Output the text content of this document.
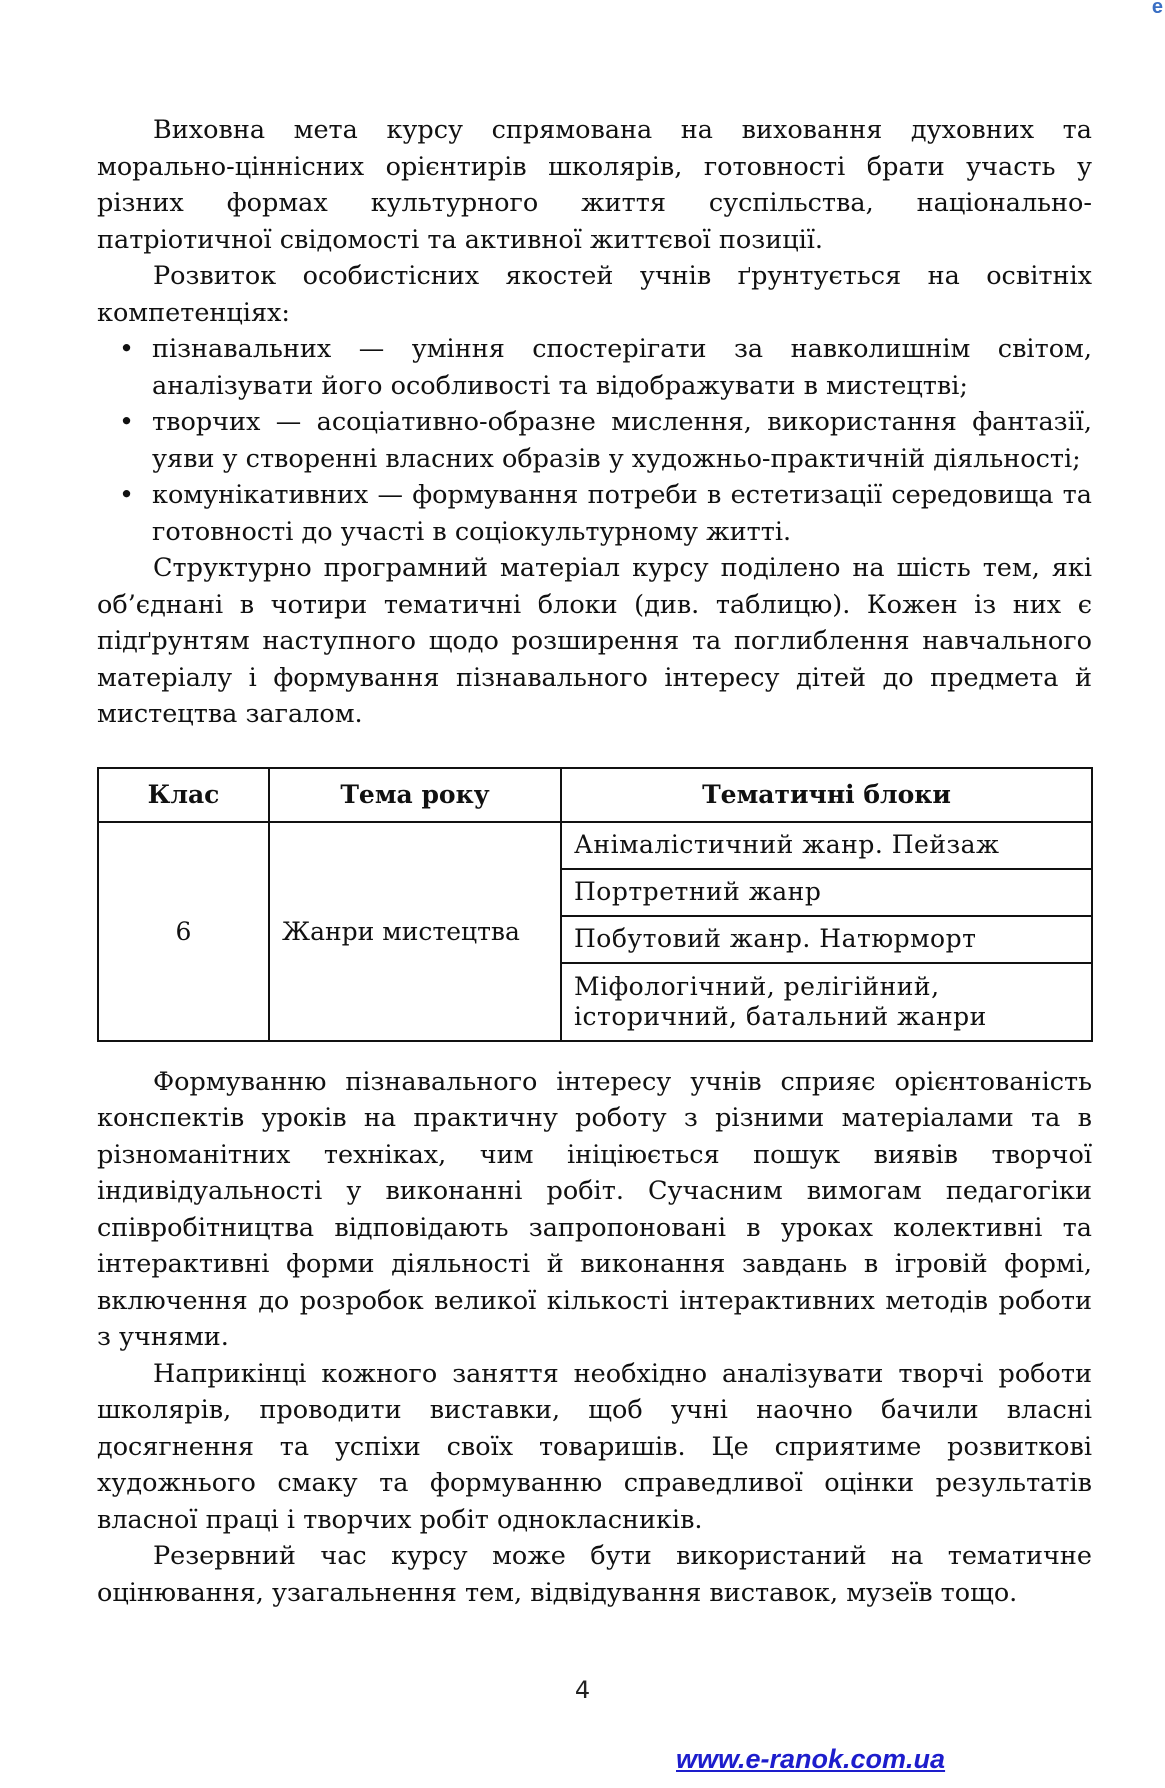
e

Виховна мета курсу спрямована на виховання духовних та морально-ціннісних орієнтирів школярів, готовності брати участь у різних формах культурного життя суспільства, національно-патріотичної свідомості та активної життєвої позиції.

Розвиток особистісних якостей учнів ґрунтується на освітніх компетенціях:

• пізнавальних — уміння спостерігати за навколишнім світом, аналізувати його особливості та відображувати в мистецтві;
• творчих — асоціативно-образне мислення, використання фантазії, уяви у створенні власних образів у художньо-практичній діяльності;
• комунікативних — формування потреби в естетизації середовища та готовності до участі в соціокультурному житті.

Структурно програмний матеріал курсу поділено на шість тем, які об’єднані в чотири тематичні блоки (див. таблицю). Кожен із них є підґрунтям наступного щодо розширення та поглиблення навчального матеріалу і формування пізнавального інтересу дітей до предмета й мистецтва загалом.

Клас	Тема року	Тематичні блоки
6	Жанри мистецтва	Анімалістичний жанр. Пейзаж
		Портретний жанр
		Побутовий жанр. Натюрморт
		Міфологічний, релігійний, історичний, батальний жанри

Формуванню пізнавального інтересу учнів сприяє орієнтованість конспектів уроків на практичну роботу з різними матеріалами та в різноманітних техніках, чим ініціюється пошук виявів творчої індивідуальності у виконанні робіт. Сучасним вимогам педагогіки співробітництва відповідають запропоновані в уроках колективні та інтерактивні форми діяльності й виконання завдань в ігровій формі, включення до розробок великої кількості інтерактивних методів роботи з учнями.

Наприкінці кожного заняття необхідно аналізувати творчі роботи школярів, проводити виставки, щоб учні наочно бачили власні досягнення та успіхи своїх товаришів. Це сприятиме розвиткові художнього смаку та формуванню справедливої оцінки результатів власної праці і творчих робіт однокласників.

Резервний час курсу може бути використаний на тематичне оцінювання, узагальнення тем, відвідування виставок, музеїв тощо.

4
www.e-ranok.com.ua
